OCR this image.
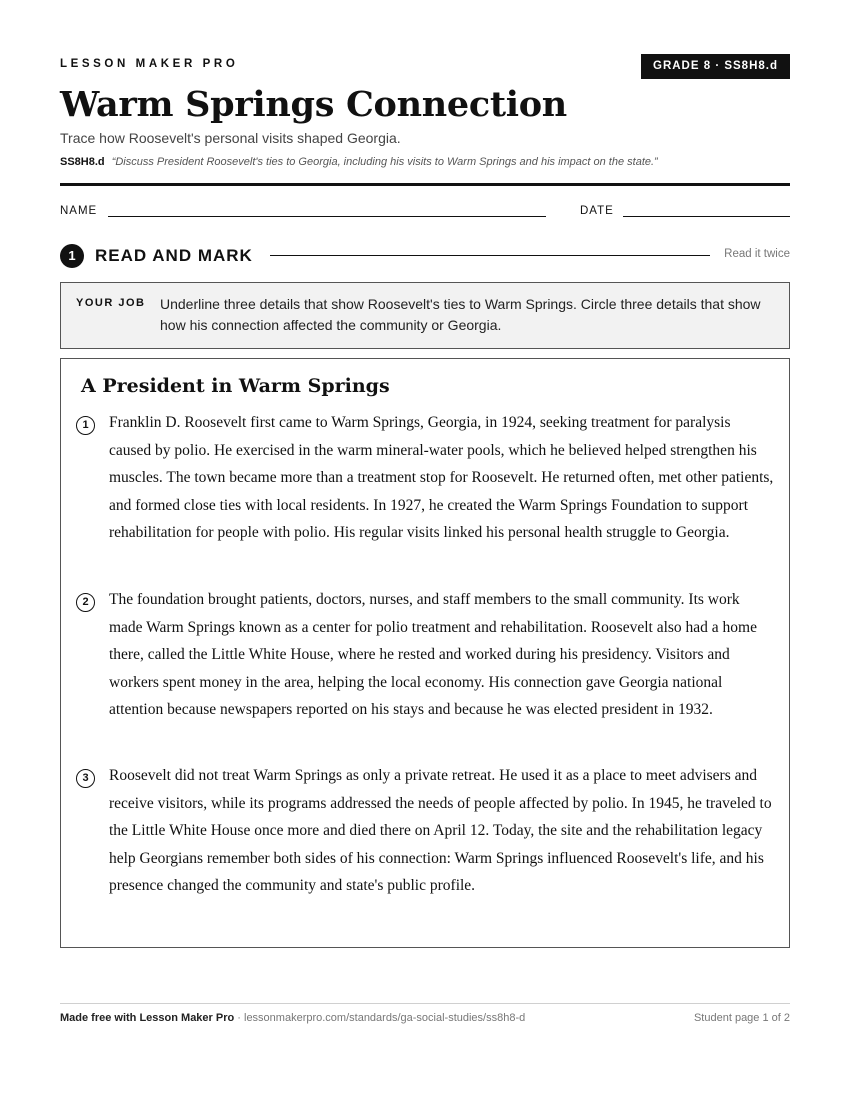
LESSON MAKER PRO	GRADE 8 · SS8H8.d
Warm Springs Connection
Trace how Roosevelt's personal visits shaped Georgia.
SS8H8.d “Discuss President Roosevelt's ties to Georgia, including his visits to Warm Springs and his impact on the state.”
NAME	DATE
1	READ AND MARK	Read it twice
YOUR JOB Underline three details that show Roosevelt's ties to Warm Springs. Circle three details that show how his connection affected the community or Georgia.
A President in Warm Springs
1	Franklin D. Roosevelt first came to Warm Springs, Georgia, in 1924, seeking treatment for paralysis caused by polio. He exercised in the warm mineral-water pools, which he believed helped strengthen his muscles. The town became more than a treatment stop for Roosevelt. He returned often, met other patients, and formed close ties with local residents. In 1927, he created the Warm Springs Foundation to support rehabilitation for people with polio. His regular visits linked his personal health struggle to Georgia.

2	The foundation brought patients, doctors, nurses, and staff members to the small community. Its work made Warm Springs known as a center for polio treatment and rehabilitation. Roosevelt also had a home there, called the Little White House, where he rested and worked during his presidency. Visitors and workers spent money in the area, helping the local economy. His connection gave Georgia national attention because newspapers reported on his stays and because he was elected president in 1932.

3	Roosevelt did not treat Warm Springs as only a private retreat. He used it as a place to meet advisers and receive visitors, while its programs addressed the needs of people affected by polio. In 1945, he traveled to the Little White House once more and died there on April 12. Today, the site and the rehabilitation legacy help Georgians remember both sides of his connection: Warm Springs influenced Roosevelt's life, and his presence changed the community and state's public profile.

Made free with Lesson Maker Pro · lessonmakerpro.com/standards/ga-social-studies/ss8h8-d	Student page 1 of 2
